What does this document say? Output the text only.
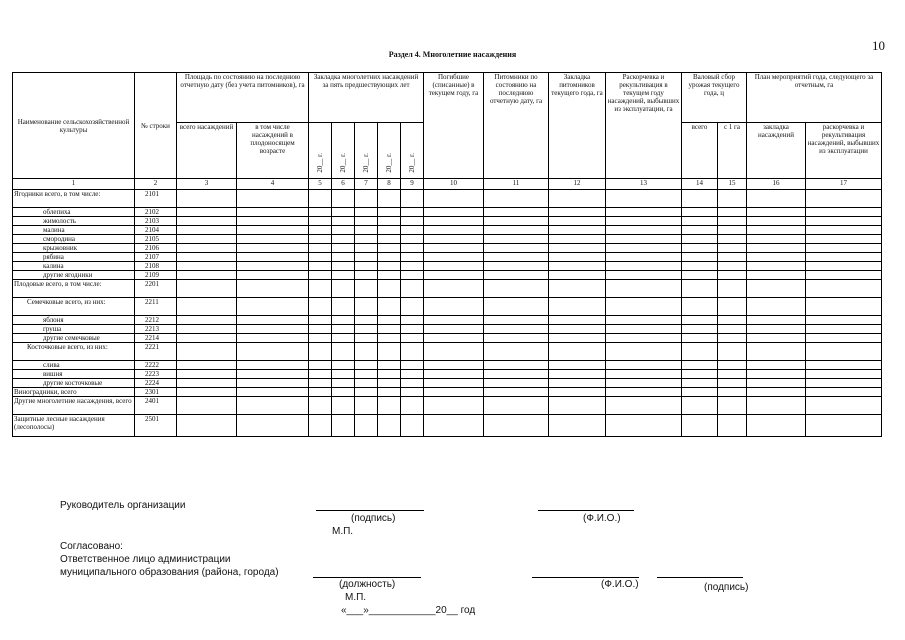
10
Раздел 4. Многолетние насаждения
Наименование сельскохозяйственной культуры	№ строки	Площадь по состоянию на последнюю отчетную дату (без учета питомников), га		Закладка многолетних насаждений за пять предшествующих лет					Погибшие (списанные) в текущем году, га	Питомники по состоянию на последнюю отчетную дату, га	Закладка питомников текущего года, га	Раскорчевка и рекультивация в текущем году насаждений, выбывших из эксплуатации, га	Валовый сбор урожая текущего года, ц		План мероприятий года, следующего за отчетным, га	
		всего насаждений	в том числе насаждений в плодоносящем возрасте	20__ г.	20__ г.	20__ г.	20__ г.	20__ г.					всего	с 1 га	закладка насаждений	раскорчевка и рекультивация насаждений, выбывших из эксплуатации
1	2	3	4	5	6	7	8	9	10	11	12	13	14	15	16	17
Ягодники всего, в том числе:	2101															
облепиха	2102															
жимолость	2103															
малина	2104															
смородина	2105															
крыжовник	2106															
рябина	2107															
калина	2108															
другие ягодники	2109															
Плодовые всего, в том числе:	2201															
Семечковые всего, из них:	2211															
яблоня	2212															
груша	2213															
другие семечковые	2214															
Косточковые всего, из них:	2221															
слива	2222															
вишня	2223															
другие косточковые	2224															
Виноградники, всего	2301															
Другие многолетние насаждения, всего	2401															
Защитные лесные насаждения (лесополосы)	2501															
Руководитель организации
(подпись)	(Ф.И.О.)
М.П.
Согласовано:
Ответственное лицо администрации
муниципального образования (района, города)
(должность)	(Ф.И.О.)	(подпись)
М.П.
«___»____________20__ год
